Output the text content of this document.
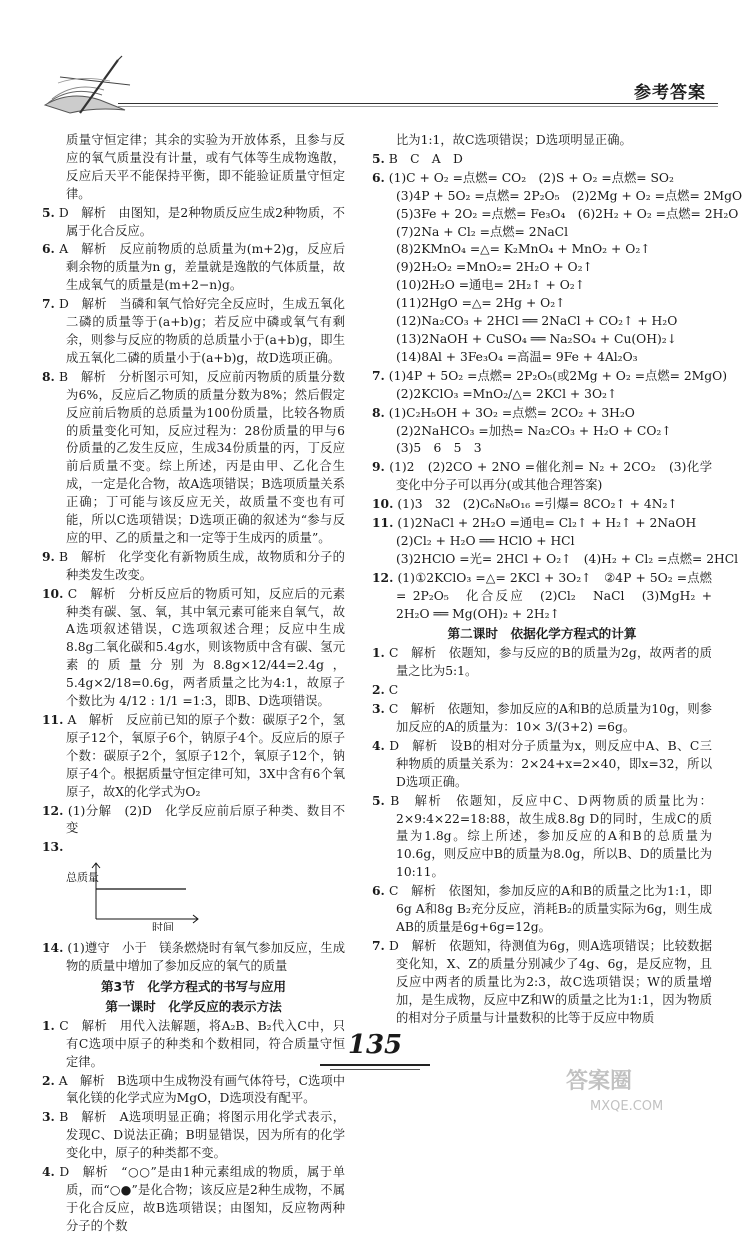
参考答案

质量守恒定律；其余的实验为开放体系，且参与反应的氧气质量没有计量，或有气体等生成物逸散，反应后天平不能保持平衡，即不能验证质量守恒定律。

5. D　解析　由图知，是2种物质反应生成2种物质，不属于化合反应。

6. A　解析　反应前物质的总质量为(m+2)g，反应后剩余物的质量为n g，差量就是逸散的气体质量，故生成氧气的质量是(m+2−n)g。

7. D　解析　当磷和氧气恰好完全反应时，生成五氧化二磷的质量等于(a+b)g；若反应中磷或氧气有剩余，则参与反应的物质的总质量小于(a+b)g，即生成五氧化二磷的质量小于(a+b)g，故D选项正确。

8. B　解析　分析图示可知，反应前丙物质的质量分数为6%，反应后乙物质的质量分数为8%；然后假定反应前后物质的总质量为100份质量，比较各物质的质量变化可知，反应过程为：28份质量的甲与6份质量的乙发生反应，生成34份质量的丙，丁反应前后质量不变。综上所述，丙是由甲、乙化合生成，一定是化合物，故A选项错误；B选项质量关系正确；丁可能与该反应无关，故质量不变也有可能，所以C选项错误；D选项正确的叙述为“参与反应的甲、乙的质量之和一定等于生成丙的质量”。

9. B　解析　化学变化有新物质生成，故物质和分子的种类发生改变。

10. C　解析　分析反应后的物质可知，反应后的元素种类有碳、氢、氧，其中氧元素可能来自氧气，故A选项叙述错误，C选项叙述合理；反应中生成8.8g二氧化碳和5.4g水，则该物质中含有碳、氢元素的质量分别为8.8g×12/44=2.4g，5.4g×2/18=0.6g，两者质量之比为4:1，故原子个数比为 4/12 : 1/1 =1:3，即B、D选项错误。

11. A　解析　反应前已知的原子个数：碳原子2个，氢原子12个，氧原子6个，钠原子4个。反应后的原子个数：碳原子2个，氢原子12个，氧原子12个，钠原子4个。根据质量守恒定律可知，3X中含有6个氧原子，故X的化学式为O₂

12. (1)分解　(2)D　化学反应前后原子种类、数目不变

13.

总质量
时间

14. (1)遵守　小于　镁条燃烧时有氧气参加反应，生成物的质量中增加了参加反应的氧气的质量

第3节　化学方程式的书写与应用
第一课时　化学反应的表示方法

1. C　解析　用代入法解题，将A₂B、B₂代入C中，只有C选项中原子的种类和个数相同，符合质量守恒定律。

2. A　解析　B选项中生成物没有画气体符号，C选项中氧化镁的化学式应为MgO，D选项没有配平。

3. B　解析　A选项明显正确；将图示用化学式表示，发现C、D说法正确；B明显错误，因为所有的化学变化中，原子的种类都不变。

4. D　解析　“○○”是由1种元素组成的物质，属于单质，而“○●”是化合物；该反应是2种生成物，不属于化合反应，故B选项错误；由图知，反应物两种分子的个数

比为1:1，故C选项错误；D选项明显正确。

5. B　C　A　D

6. (1)C + O₂ =点燃= CO₂　(2)S + O₂ =点燃= SO₂

(3)4P + 5O₂ =点燃= 2P₂O₅　(2)2Mg + O₂ =点燃= 2MgO

(5)3Fe + 2O₂ =点燃= Fe₃O₄　(6)2H₂ + O₂ =点燃= 2H₂O

(7)2Na + Cl₂ =点燃= 2NaCl

(8)2KMnO₄ =△= K₂MnO₄ + MnO₂ + O₂↑

(9)2H₂O₂ =MnO₂= 2H₂O + O₂↑

(10)2H₂O =通电= 2H₂↑ + O₂↑

(11)2HgO =△= 2Hg + O₂↑

(12)Na₂CO₃ + 2HCl ══ 2NaCl + CO₂↑ + H₂O

(13)2NaOH + CuSO₄ ══ Na₂SO₄ + Cu(OH)₂↓

(14)8Al + 3Fe₃O₄ =高温= 9Fe + 4Al₂O₃

7. (1)4P + 5O₂ =点燃= 2P₂O₅(或2Mg + O₂ =点燃= 2MgO)

(2)2KClO₃ =MnO₂/△= 2KCl + 3O₂↑

8. (1)C₂H₅OH + 3O₂ =点燃= 2CO₂ + 3H₂O

(2)2NaHCO₃ =加热= Na₂CO₃ + H₂O + CO₂↑

(3)5　6　5　3

9. (1)2　(2)2CO + 2NO =催化剂= N₂ + 2CO₂　(3)化学变化中分子可以再分(或其他合理答案)

10. (1)3　32　(2)C₆N₈O₁₆ =引爆= 8CO₂↑ + 4N₂↑

11. (1)2NaCl + 2H₂O =通电= Cl₂↑ + H₂↑ + 2NaOH

(2)Cl₂ + H₂O ══ HClO + HCl

(3)2HClO =光= 2HCl + O₂↑　(4)H₂ + Cl₂ =点燃= 2HCl

12. (1)①2KClO₃ =△= 2KCl + 3O₂↑　②4P + 5O₂ =点燃= 2P₂O₅　化合反应　(2)Cl₂　NaCl　(3)MgH₂ + 2H₂O ══ Mg(OH)₂ + 2H₂↑

第二课时　依据化学方程式的计算

1. C　解析　依题知，参与反应的B的质量为2g，故两者的质量之比为5:1。

2. C

3. C　解析　依题知，参加反应的A和B的总质量为10g，则参加反应的A的质量为：10× 3/(3+2) =6g。

4. D　解析　设B的相对分子质量为x，则反应中A、B、C三种物质的质量关系为：2×24+x=2×40，即x=32，所以D选项正确。

5. B　解析　依题知，反应中C、D两物质的质量比为：2×9:4×22=18:88，故生成8.8g D的同时，生成C的质量为1.8g。综上所述，参加反应的A和B的总质量为10.6g，则反应中B的质量为8.0g，所以B、D的质量比为10:11。

6. C　解析　依图知，参加反应的A和B的质量之比为1:1，即6g A和8g B₂充分反应，消耗B₂的质量实际为6g，则生成AB的质量是6g+6g=12g。

7. D　解析　依题知，待测值为6g，则A选项错误；比较数据变化知，X、Z的质量分别减少了4g、6g，是反应物，且反应中两者的质量比为2:3，故C选项错误；W的质量增加，是生成物，反应中Z和W的质量之比为1:1，因为物质的相对分子质量与计量数积的比等于反应中物质

135
答案圈
MXQE.COM
